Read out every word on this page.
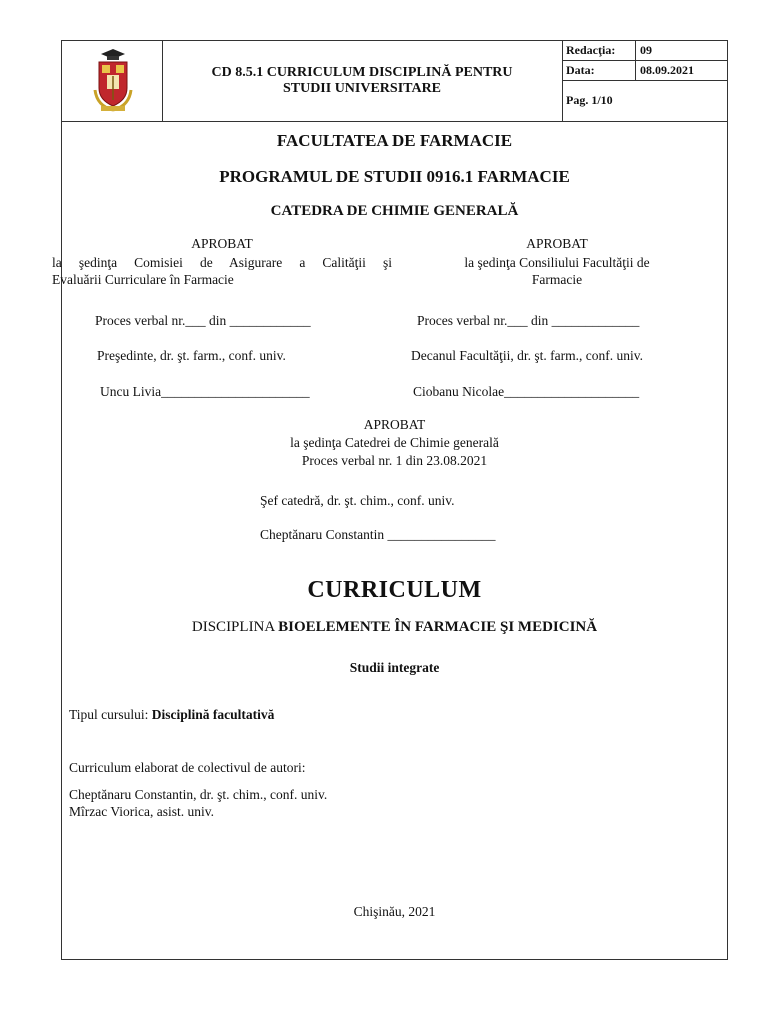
CD 8.5.1 CURRICULUM DISCIPLINĂ PENTRU
STUDII UNIVERSITARE
Redacţia:	09
Data:	08.09.2021
Pag. 1/10
FACULTATEA DE FARMACIE
PROGRAMUL DE STUDII 0916.1 FARMACIE
CATEDRA DE CHIMIE GENERALĂ
APROBAT
la şedinţa Comisiei de Asigurare a Calităţii şi
Evaluării Curriculare în Farmacie
Proces verbal nr.___ din ____________
Preşedinte, dr. şt. farm., conf. univ.
Uncu Livia______________________
APROBAT
la şedinţa Consiliului Facultăţii de
Farmacie
Proces verbal nr.___ din _____________
Decanul Facultăţii, dr. şt. farm., conf. univ.
Ciobanu Nicolae____________________
APROBAT
la şedinţa Catedrei de Chimie generală
Proces verbal nr. 1 din 23.08.2021
Şef catedră, dr. şt. chim., conf. univ.
Cheptănaru Constantin ________________
CURRICULUM
DISCIPLINA BIOELEMENTE ÎN FARMACIE ŞI MEDICINĂ
Studii integrate
Tipul cursului: Disciplină facultativă
Curriculum elaborat de colectivul de autori:
Cheptănaru Constantin, dr. şt. chim., conf. univ.
Mîrzac Viorica, asist. univ.
Chişinău, 2021
